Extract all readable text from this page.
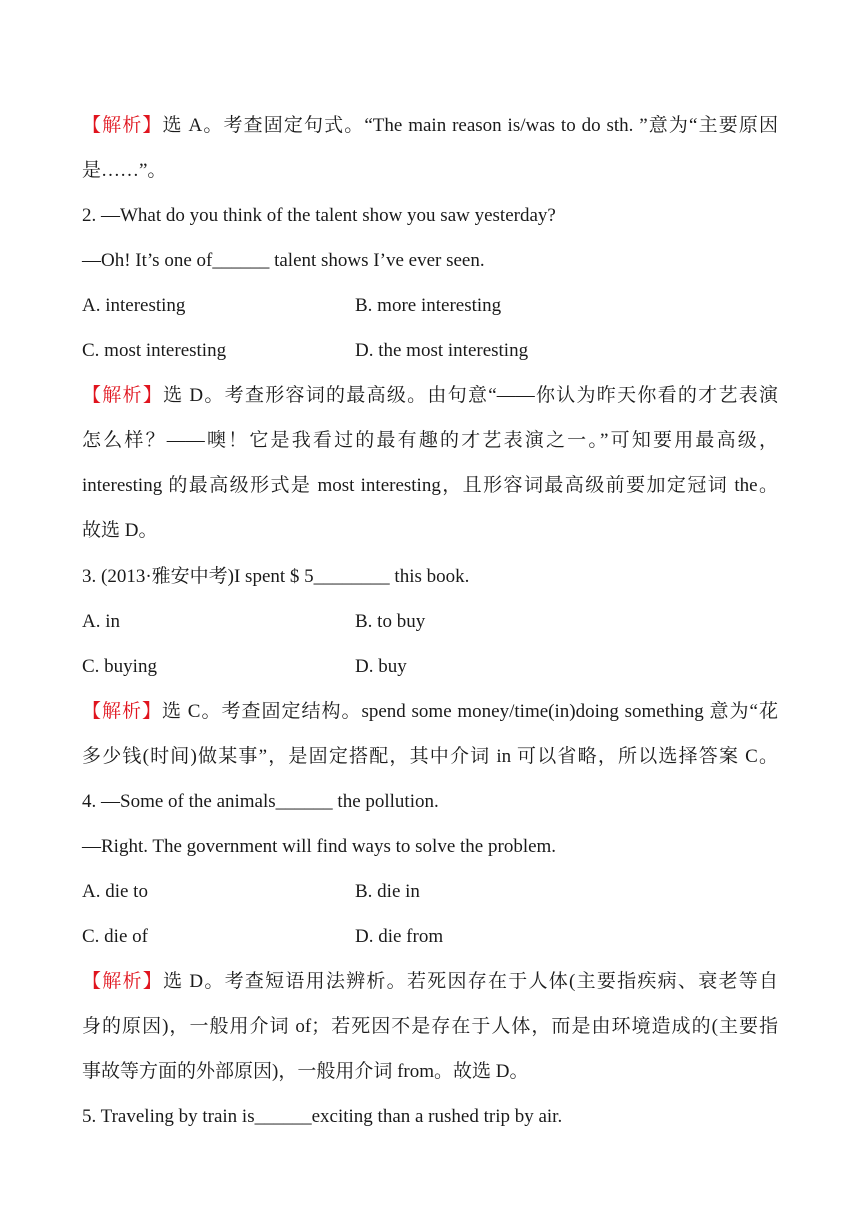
【解析】选 A。考查固定句式。“The main reason is/was to do sth. ”意为“主要原因
是……”。
2. —What do you think of the talent show you saw yesterday?
—Oh! It’s one of______ talent shows I’ve ever seen.
A. interesting	B. more interesting
C. most interesting	D. the most interesting
【解析】选 D。考查形容词的最高级。由句意“——你认为昨天你看的才艺表演
怎么样？——噢！它是我看过的最有趣的才艺表演之一。”可知要用最高级，
interesting 的最高级形式是 most interesting，且形容词最高级前要加定冠词 the。
故选 D。
3. (2013·雅安中考)I spent $ 5________ this book.
A. in	B. to buy
C. buying	D. buy
【解析】选 C。考查固定结构。spend some money/time(in)doing something 意为“花
多少钱(时间)做某事”，是固定搭配，其中介词 in 可以省略，所以选择答案 C。
4. —Some of the animals______ the pollution.
—Right. The government will find ways to solve the problem.
A. die to	B. die in
C. die of	D. die from
【解析】选 D。考查短语用法辨析。若死因存在于人体(主要指疾病、衰老等自
身的原因)，一般用介词 of；若死因不是存在于人体，而是由环境造成的(主要指
事故等方面的外部原因)，一般用介词 from。故选 D。
5. Traveling by train is______exciting than a rushed trip by air.
